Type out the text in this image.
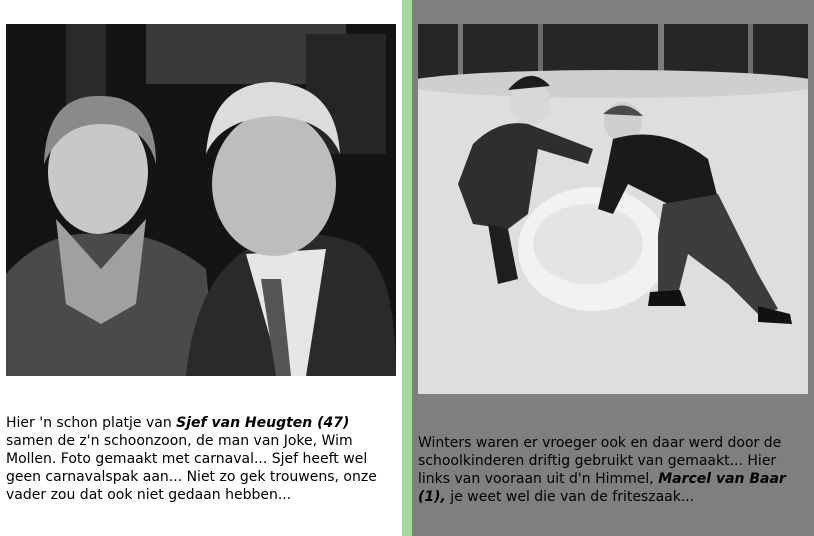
Hier 'n schon platje van Sjef van Heugten (47) samen de z'n schoonzoon, de man van Joke, Wim Mollen. Foto gemaakt met carnaval... Sjef heeft wel geen carnavalspak aan... Niet zo gek trouwens, onze vader zou dat ook niet gedaan hebben...
Winters waren er vroeger ook en daar werd door de schoolkinderen driftig gebruikt van gemaakt... Hier links van vooraan uit d'n Himmel, Marcel van Baar (1), je weet wel die van de friteszaak...
